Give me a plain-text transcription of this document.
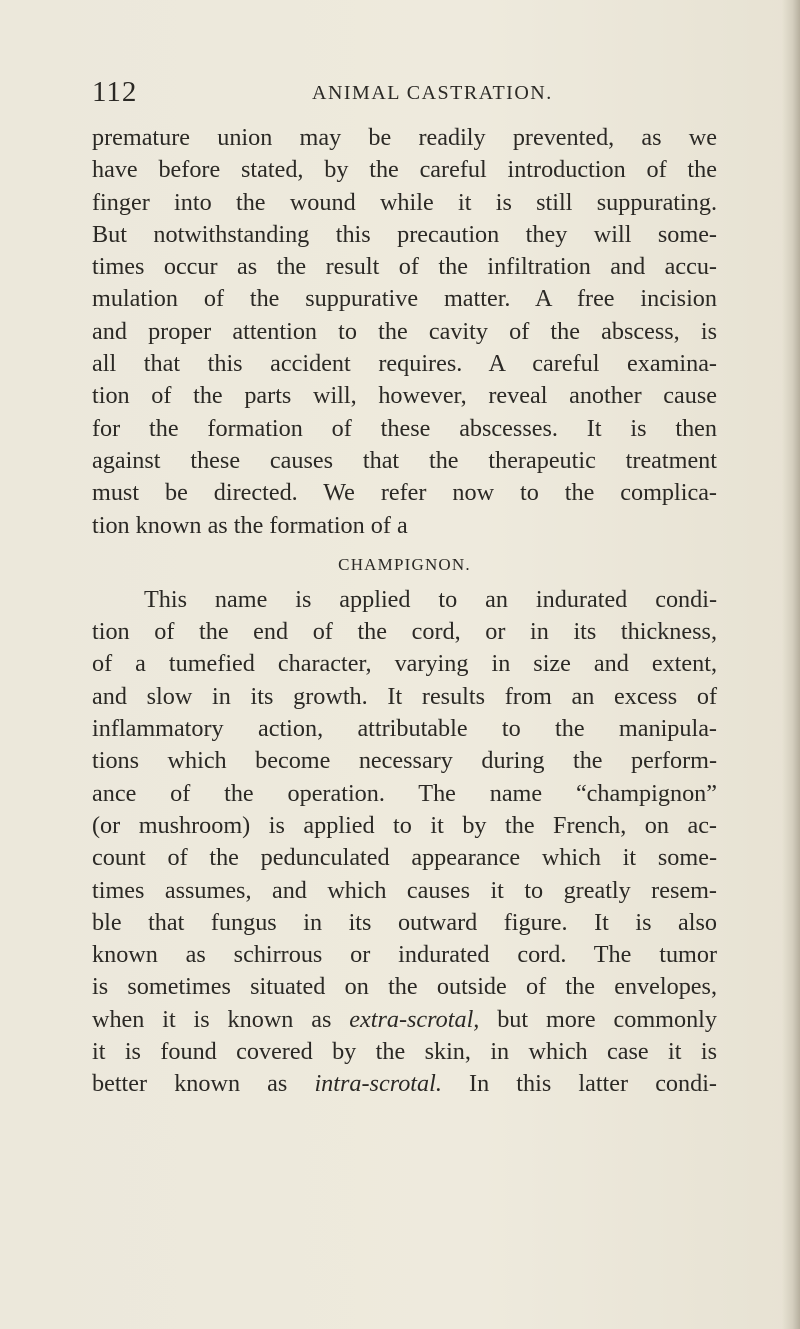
112	ANIMAL CASTRATION.
premature union may be readily prevented, as we
have before stated, by the careful introduction of the
finger into the wound while it is still suppurating.
But notwithstanding this precaution they will some-
times occur as the result of the infiltration and accu-
mulation of the suppurative matter. A free incision
and proper attention to the cavity of the abscess, is
all that this accident requires. A careful examina-
tion of the parts will, however, reveal another cause
for the formation of these abscesses. It is then
against these causes that the therapeutic treatment
must be directed. We refer now to the complica-
tion known as the formation of a
CHAMPIGNON.
This name is applied to an indurated condi-
tion of the end of the cord, or in its thickness,
of a tumefied character, varying in size and extent,
and slow in its growth. It results from an excess of
inflammatory action, attributable to the manipula-
tions which become necessary during the perform-
ance of the operation. The name “champignon”
(or mushroom) is applied to it by the French, on ac-
count of the pedunculated appearance which it some-
times assumes, and which causes it to greatly resem-
ble that fungus in its outward figure. It is also
known as schirrous or indurated cord. The tumor
is sometimes situated on the outside of the envelopes,
when it is known as extra-scrotal, but more commonly
it is found covered by the skin, in which case it is
better known as intra-scrotal. In this latter condi-
